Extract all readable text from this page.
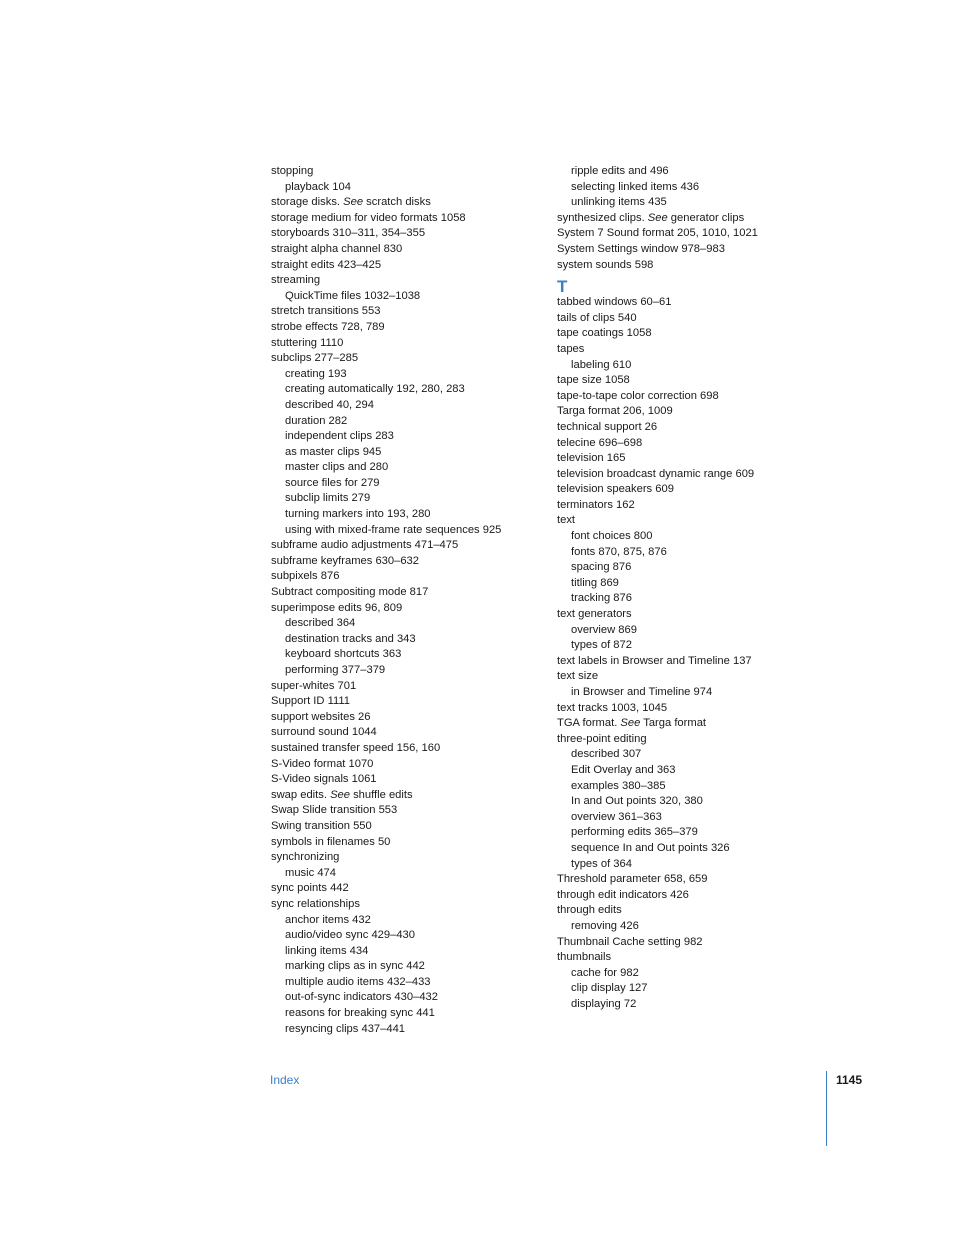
stopping
playback 104
storage disks. See scratch disks
storage medium for video formats 1058
storyboards 310–311, 354–355
straight alpha channel 830
straight edits 423–425
streaming
QuickTime files 1032–1038
stretch transitions 553
strobe effects 728, 789
stuttering 1110
subclips 277–285
creating 193
creating automatically 192, 280, 283
described 40, 294
duration 282
independent clips 283
as master clips 945
master clips and 280
source files for 279
subclip limits 279
turning markers into 193, 280
using with mixed-frame rate sequences 925
subframe audio adjustments 471–475
subframe keyframes 630–632
subpixels 876
Subtract compositing mode 817
superimpose edits 96, 809
described 364
destination tracks and 343
keyboard shortcuts 363
performing 377–379
super-whites 701
Support ID 1111
support websites 26
surround sound 1044
sustained transfer speed 156, 160
S-Video format 1070
S-Video signals 1061
swap edits. See shuffle edits
Swap Slide transition 553
Swing transition 550
symbols in filenames 50
synchronizing
music 474
sync points 442
sync relationships
anchor items 432
audio/video sync 429–430
linking items 434
marking clips as in sync 442
multiple audio items 432–433
out-of-sync indicators 430–432
reasons for breaking sync 441
resyncing clips 437–441
ripple edits and 496
selecting linked items 436
unlinking items 435
synthesized clips. See generator clips
System 7 Sound format 205, 1010, 1021
System Settings window 978–983
system sounds 598
T
tabbed windows 60–61
tails of clips 540
tape coatings 1058
tapes
labeling 610
tape size 1058
tape-to-tape color correction 698
Targa format 206, 1009
technical support 26
telecine 696–698
television 165
television broadcast dynamic range 609
television speakers 609
terminators 162
text
font choices 800
fonts 870, 875, 876
spacing 876
titling 869
tracking 876
text generators
overview 869
types of 872
text labels in Browser and Timeline 137
text size
in Browser and Timeline 974
text tracks 1003, 1045
TGA format. See Targa format
three-point editing
described 307
Edit Overlay and 363
examples 380–385
In and Out points 320, 380
overview 361–363
performing edits 365–379
sequence In and Out points 326
types of 364
Threshold parameter 658, 659
through edit indicators 426
through edits
removing 426
Thumbnail Cache setting 982
thumbnails
cache for 982
clip display 127
displaying 72
Index	1145
